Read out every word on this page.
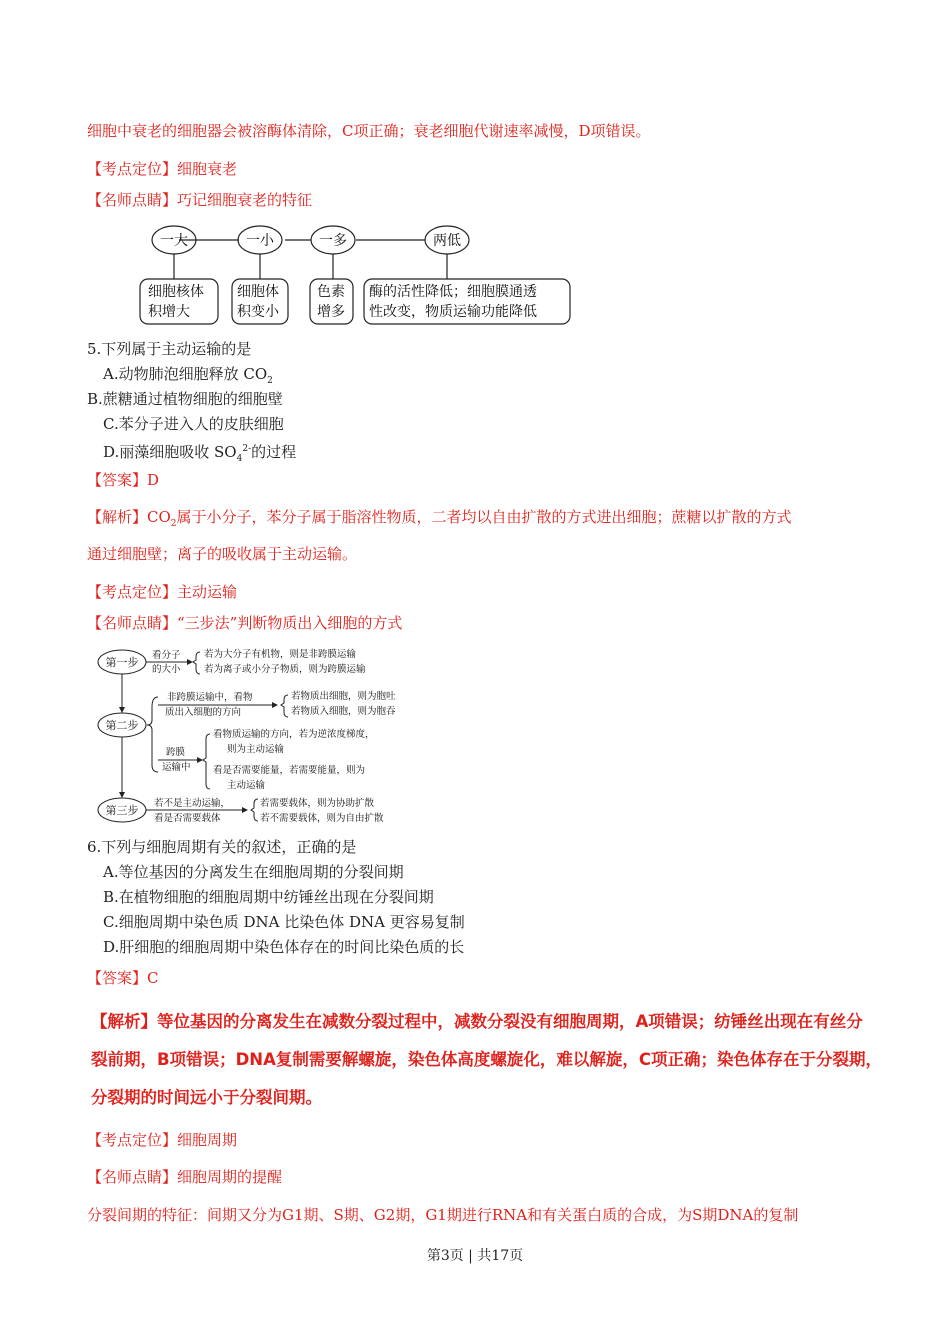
细胞中衰老的细胞器会被溶酶体清除，C项正确；衰老细胞代谢速率减慢，D项错误。
【考点定位】细胞衰老
【名师点睛】巧记细胞衰老的特征
一大	一小	一多	两低
细胞核体
积增大
细胞体
积变小
色素
增多
酶的活性降低；细胞膜通透
性改变，物质运输功能降低
5.下列属于主动运输的是
A.动物肺泡细胞释放 $CO_2$
B.蔗糖通过植物细胞的细胞壁
C.苯分子进入人的皮肤细胞
D.丽藻细胞吸收 $SO_4^{2-}$的过程
【答案】D
【解析】$CO_2$属于小分子，苯分子属于脂溶性物质，二者均以自由扩散的方式进出细胞；蔗糖以扩散的方式
通过细胞壁；离子的吸收属于主动运输。
【考点定位】主动运输
【名师点睛】“三步法”判断物质出入细胞的方式
第一步
第二步
第三步
看分子
的大小
若为大分子有机物，则是非跨膜运输
若为离子或小分子物质，则为跨膜运输
非跨膜运输中，看物
质出入细胞的方向
若物质出细胞，则为胞吐
若物质入细胞，则为胞吞
跨膜
运输中
看物质运输的方向，若为逆浓度梯度，
则为主动运输
看是否需要能量，若需要能量，则为
主动运输
若不是主动运输，
看是否需要载体
若需要载体，则为协助扩散
若不需要载体，则为自由扩散
6.下列与细胞周期有关的叙述，正确的是
A.等位基因的分离发生在细胞周期的分裂间期
B.在植物细胞的细胞周期中纺锤丝出现在分裂间期
C.细胞周期中染色质 DNA 比染色体 DNA 更容易复制
D.肝细胞的细胞周期中染色体存在的时间比染色质的长
【答案】C
【解析】等位基因的分离发生在减数分裂过程中，减数分裂没有细胞周期，A项错误；纺锤丝出现在有丝分
裂前期，B项错误；DNA复制需要解螺旋，染色体高度螺旋化，难以解旋，C项正确；染色体存在于分裂期，
分裂期的时间远小于分裂间期。
【考点定位】细胞周期
【名师点睛】细胞周期的提醒
分裂间期的特征：间期又分为G1期、S期、G2期，G1期进行RNA和有关蛋白质的合成，为S期DNA的复制
第3页 | 共17页
